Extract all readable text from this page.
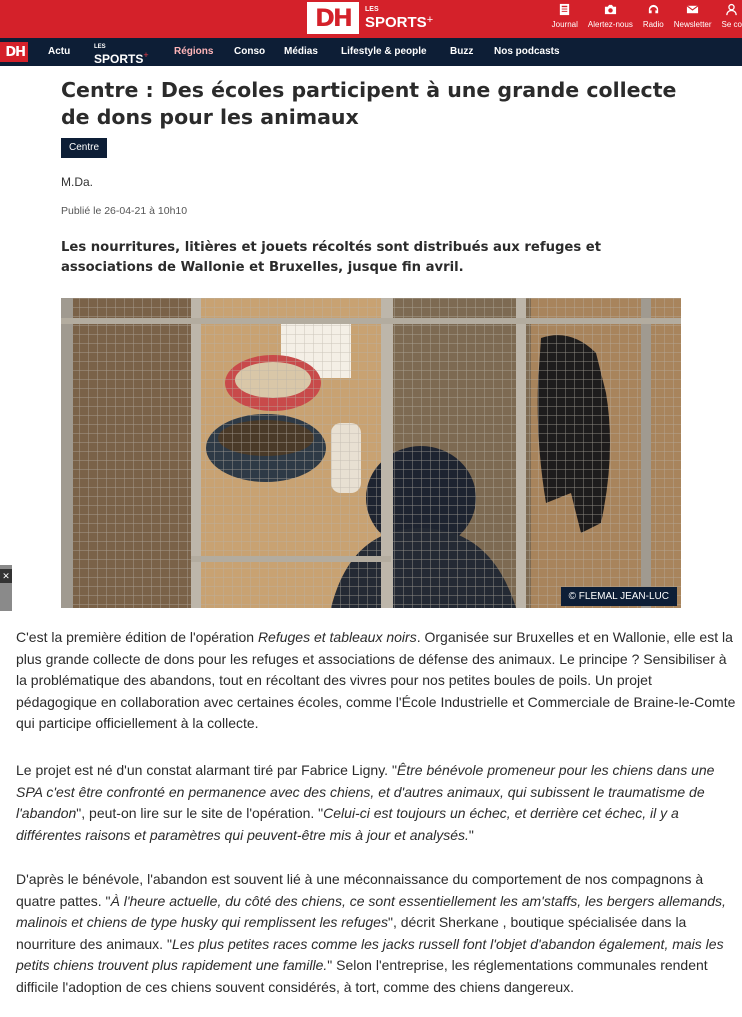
DH	LES
SPORTS+	Journal Alertez-nous Radio Newsletter Se co
DH	Actu	LES
SPORTS+	Régions Conso Médias Lifestyle & people Buzz Nos podcasts
Centre : Des écoles participent à une grande collecte de dons pour les animaux
Centre
M.Da.
Publié le 26-04-21 à 10h10
Les nourritures, litières et jouets récoltés sont distribués aux refuges et associations de Wallonie et Bruxelles, jusque fin avril.
© FLEMAL JEAN-LUC
✕

C'est la première édition de l'opération Refuges et tableaux noirs. Organisée sur Bruxelles et en Wallonie, elle est la plus grande collecte de dons pour les refuges et associations de défense des animaux. Le principe ? Sensibiliser à la problématique des abandons, tout en récoltant des vivres pour nos petites boules de poils. Un projet pédagogique en collaboration avec certaines écoles, comme l'École Industrielle et Commerciale de Braine-le-Comte qui participe officiellement à la collecte.

Le projet est né d'un constat alarmant tiré par Fabrice Ligny. "Être bénévole promeneur pour les chiens dans une SPA c'est être confronté en permanence avec des chiens, et d'autres animaux, qui subissent le traumatisme de l'abandon", peut-on lire sur le site de l'opération. "Celui-ci est toujours un échec, et derrière cet échec, il y a différentes raisons et paramètres qui peuvent-être mis à jour et analysés."

D'après le bénévole, l'abandon est souvent lié à une méconnaissance du comportement de nos compagnons à quatre pattes. "À l'heure actuelle, du côté des chiens, ce sont essentiellement les am'staffs, les bergers allemands, malinois et chiens de type husky qui remplissent les refuges", décrit Sherkane , boutique spécialisée dans la nourriture des animaux. "Les plus petites races comme les jacks russell font l'objet d'abandon également, mais les petits chiens trouvent plus rapidement une famille." Selon l'entreprise, les réglementations communales rendent difficile l'adoption de ces chiens souvent considérés, à tort, comme des chiens dangereux.
